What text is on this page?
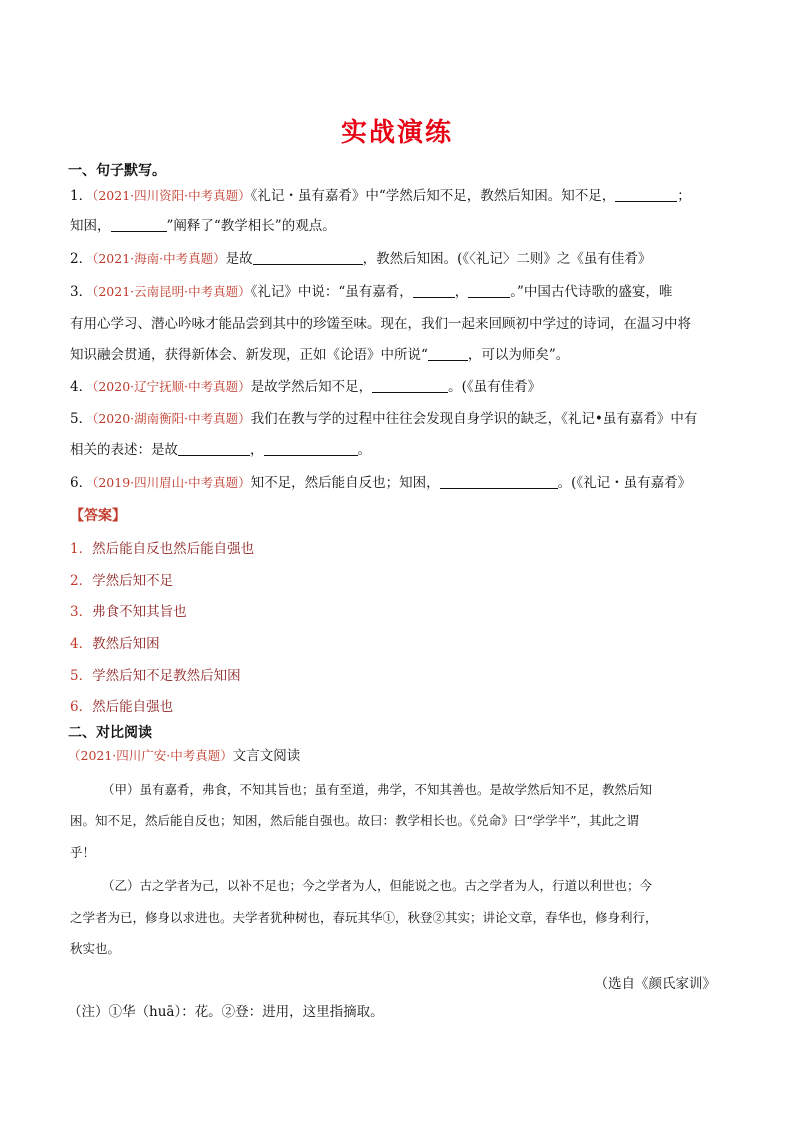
实战演练
一、句子默写。
1．（2021·四川资阳·中考真题）《礼记・虽有嘉肴》中“学然后知不足，教然后知困。知不足，	；
知困，	”阐释了“教学相长”的观点。
2．（2021·海南·中考真题）是故	，教然后知困。(《〈礼记〉二则》之《虽有佳肴》
3．（2021·云南昆明·中考真题）《礼记》中说：“虽有嘉肴，	，	。”中国古代诗歌的盛宴，唯
有用心学习、潜心吟咏才能品尝到其中的珍馐至味。现在，我们一起来回顾初中学过的诗词，在温习中将
知识融会贯通，获得新体会、新发现，正如《论语》中所说“	，可以为师矣”。
4．（2020·辽宁抚顺·中考真题）是故学然后知不足，	。(《虽有佳肴》
5．（2020·湖南衡阳·中考真题）我们在教与学的过程中往往会发现自身学识的缺乏，《礼记•虽有嘉肴》中有
相关的表述：是故	，	。
6．（2019·四川眉山·中考真题）知不足，然后能自反也；知困，	。(《礼记・虽有嘉肴》
【答案】
1．然后能自反也然后能自强也
2．学然后知不足
3．弗食不知其旨也
4．教然后知困
5．学然后知不足教然后知困
6．然后能自强也
二、对比阅读
（2021·四川广安·中考真题）文言文阅读
（甲）虽有嘉肴，弗食，不知其旨也；虽有至道，弗学，不知其善也。是故学然后知不足，教然后知
困。知不足，然后能自反也；知困，然后能自强也。故曰：教学相长也。《兑命》曰“学学半”，其此之谓
乎！
（乙）古之学者为己，以补不足也；今之学者为人，但能说之也。古之学者为人，行道以利世也；今
之学者为已，修身以求进也。夫学者犹种树也，春玩其华①，秋登②其实；讲论文章，春华也，修身利行，
秋实也。
（选自《颜氏家训》
（注）①华（huā）：花。②登：进用，这里指摘取。
